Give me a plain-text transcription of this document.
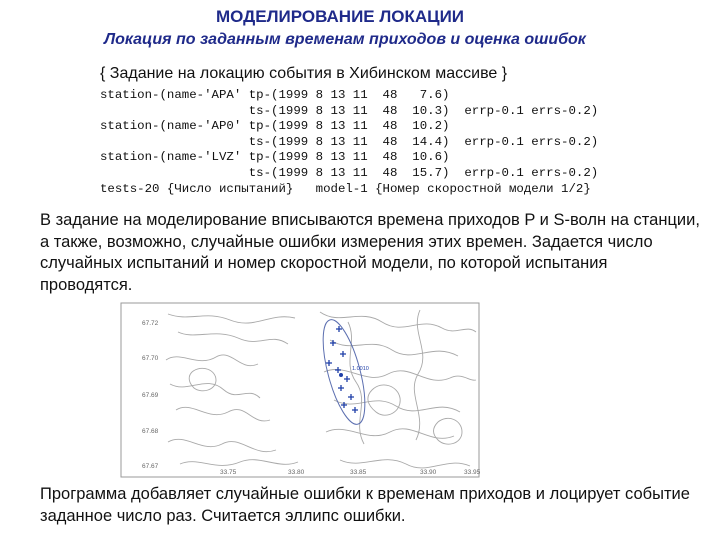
МОДЕЛИРОВАНИЕ ЛОКАЦИИ
Локация по заданным временам приходов и оценка ошибок
{ Задание на локацию события в Хибинском массиве }
station-(name-'APA' tp-(1999 8 13 11  48   7.6)
ts-(1999 8 13 11  48  10.3)  errp-0.1 errs-0.2)
station-(name-'AP0' tp-(1999 8 13 11  48  10.2)
ts-(1999 8 13 11  48  14.4)  errp-0.1 errs-0.2)
station-(name-'LVZ' tp-(1999 8 13 11  48  10.6)
ts-(1999 8 13 11  48  15.7)  errp-0.1 errs-0.2)
tests-20 {Число испытаний}   model-1 {Номер скоростной модели 1/2}
В задание на моделирование вписываются времена приходов P и S-волн на станции, а также, возможно, случайные ошибки измерения этих времен. Задается число случайных испытаний и номер скоростной модели, по которой испытания проводятся.
67.72
67.70
67.69
67.68
67.67
33.75	33.80	33.85	33.90	33.95
1.0010
Программа добавляет случайные ошибки к временам приходов и лоцирует событие заданное число раз. Считается эллипс ошибки.
